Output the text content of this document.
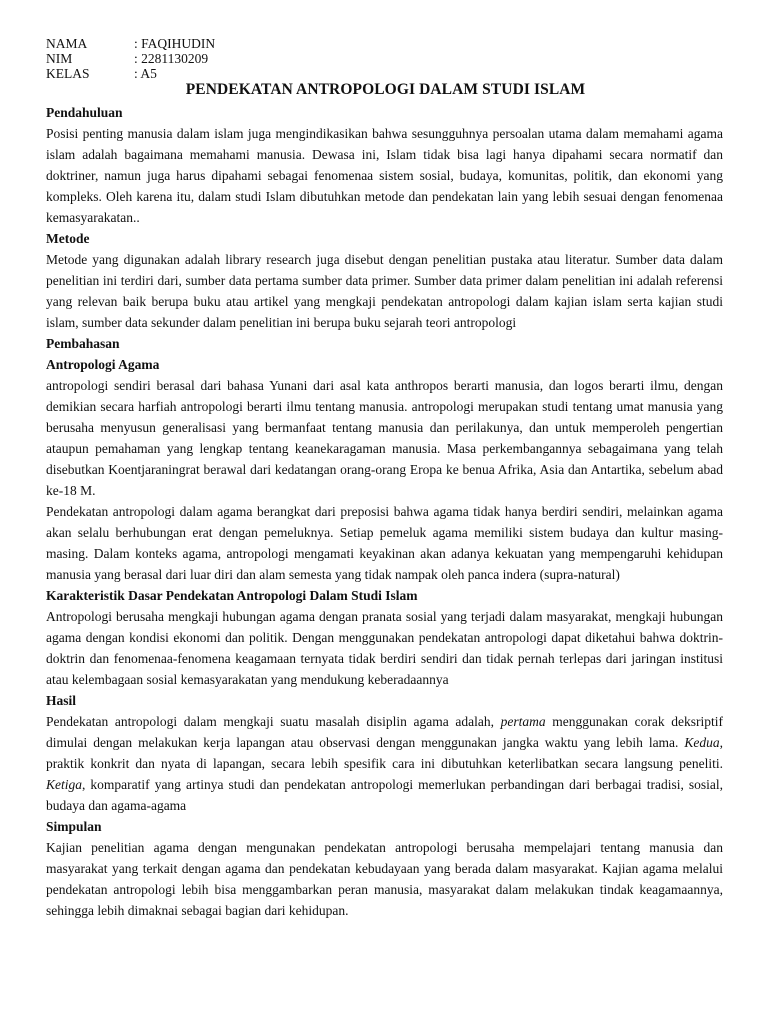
NAMA	: FAQIHUDIN
NIM	: 2281130209
KELAS	: A5
PENDEKATAN ANTROPOLOGI DALAM STUDI ISLAM

Pendahuluan

Posisi penting manusia dalam islam juga mengindikasikan bahwa sesungguhnya persoalan utama dalam memahami agama islam adalah bagaimana memahami manusia. Dewasa ini, Islam tidak bisa lagi hanya dipahami secara normatif dan doktriner, namun juga harus dipahami sebagai fenomenaa sistem sosial, budaya, komunitas, politik, dan ekonomi yang kompleks. Oleh karena itu, dalam studi Islam dibutuhkan metode dan pendekatan lain yang lebih sesuai dengan fenomenaa kemasyarakatan..

Metode

Metode yang digunakan adalah library research juga disebut dengan penelitian pustaka atau literatur. Sumber data dalam penelitian ini terdiri dari, sumber data pertama sumber data primer. Sumber data primer dalam penelitian ini adalah referensi yang relevan baik berupa buku atau artikel yang mengkaji pendekatan antropologi dalam kajian islam serta kajian studi islam, sumber data sekunder dalam penelitian ini berupa buku sejarah teori antropologi

Pembahasan

Antropologi Agama

antropologi sendiri berasal dari bahasa Yunani dari asal kata anthropos berarti manusia, dan logos berarti ilmu, dengan demikian secara harfiah antropologi berarti ilmu tentang manusia. antropologi merupakan studi tentang umat manusia yang berusaha menyusun generalisasi yang bermanfaat tentang manusia dan perilakunya, dan untuk memperoleh pengertian ataupun pemahaman yang lengkap tentang keanekaragaman manusia. Masa perkembangannya sebagaimana yang telah disebutkan Koentjaraningrat berawal dari kedatangan orang-orang Eropa ke benua Afrika, Asia dan Antartika, sebelum abad ke-18 M.

Pendekatan antropologi dalam agama berangkat dari preposisi bahwa agama tidak hanya berdiri sendiri, melainkan agama akan selalu berhubungan erat dengan pemeluknya. Setiap pemeluk agama memiliki sistem budaya dan kultur masing-masing. Dalam konteks agama, antropologi mengamati keyakinan akan adanya kekuatan yang mempengaruhi kehidupan manusia yang berasal dari luar diri dan alam semesta yang tidak nampak oleh panca indera (supra-natural)

Karakteristik Dasar Pendekatan Antropologi Dalam Studi Islam

Antropologi berusaha mengkaji hubungan agama dengan pranata sosial yang terjadi dalam masyarakat, mengkaji hubungan agama dengan kondisi ekonomi dan politik. Dengan menggunakan pendekatan antropologi dapat diketahui bahwa doktrin-doktrin dan fenomenaa-fenomena keagamaan ternyata tidak berdiri sendiri dan tidak pernah terlepas dari jaringan institusi atau kelembagaan sosial kemasyarakatan yang mendukung keberadaannya

Hasil

Pendekatan antropologi dalam mengkaji suatu masalah disiplin agama adalah, pertama menggunakan corak deksriptif dimulai dengan melakukan kerja lapangan atau observasi dengan menggunakan jangka waktu yang lebih lama. Kedua, praktik konkrit dan nyata di lapangan, secara lebih spesifik cara ini dibutuhkan keterlibatkan secara langsung peneliti. Ketiga, komparatif yang artinya studi dan pendekatan antropologi memerlukan perbandingan dari berbagai tradisi, sosial, budaya dan agama-agama

Simpulan

Kajian penelitian agama dengan mengunakan pendekatan antropologi berusaha mempelajari tentang manusia dan masyarakat yang terkait dengan agama dan pendekatan kebudayaan yang berada dalam masyarakat. Kajian agama melalui pendekatan antropologi lebih bisa menggambarkan peran manusia, masyarakat dalam melakukan tindak keagamaannya, sehingga lebih dimaknai sebagai bagian dari kehidupan.
